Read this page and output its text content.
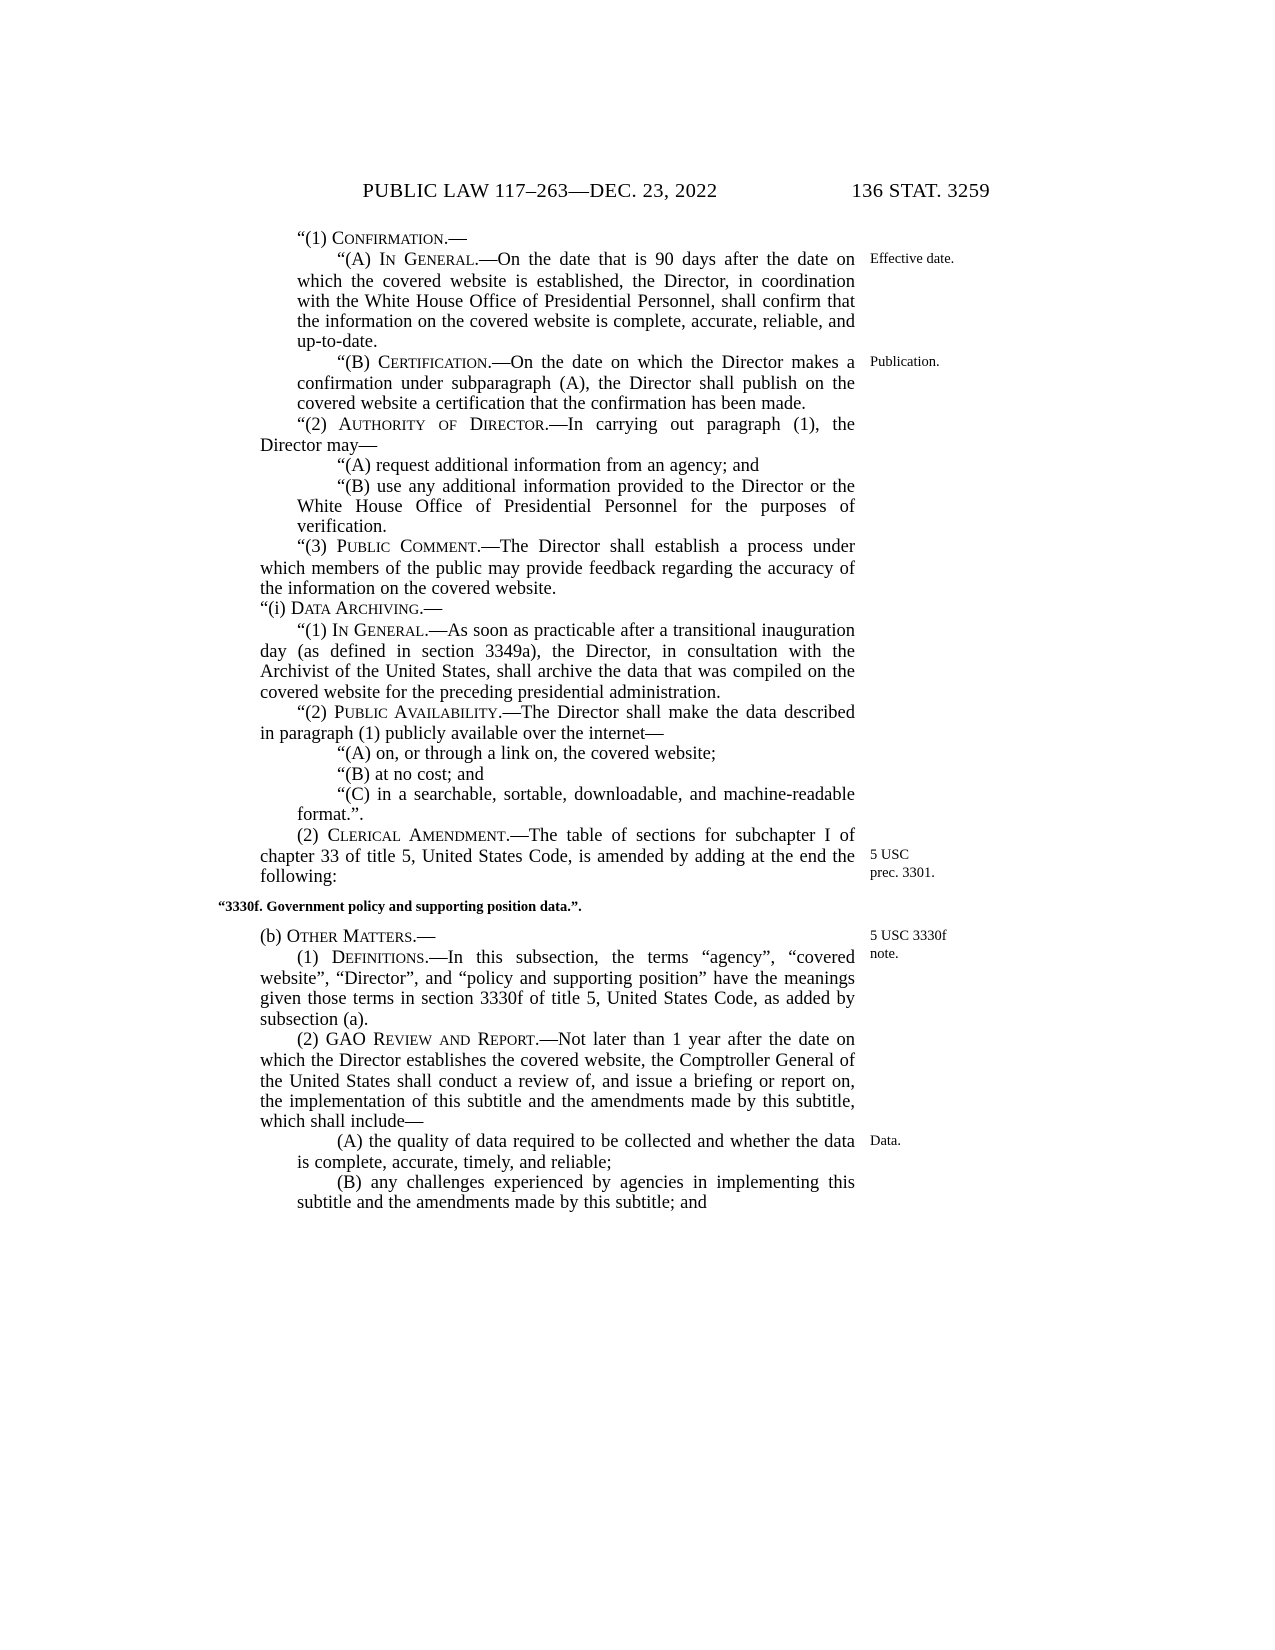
PUBLIC LAW 117–263—DEC. 23, 2022	136 STAT. 3259
“(1) CONFIRMATION.—
“(A) IN GENERAL.—On the date that is 90 days after the date on which the covered website is established, the Director, in coordination with the White House Office of Presidential Personnel, shall confirm that the information on the covered website is complete, accurate, reliable, and up-to-date.
Effective date.
“(B) CERTIFICATION.—On the date on which the Director makes a confirmation under subparagraph (A), the Director shall publish on the covered website a certification that the confirmation has been made.
Publication.
“(2) AUTHORITY OF DIRECTOR.—In carrying out paragraph (1), the Director may—
“(A) request additional information from an agency; and
“(B) use any additional information provided to the Director or the White House Office of Presidential Personnel for the purposes of verification.
“(3) PUBLIC COMMENT.—The Director shall establish a process under which members of the public may provide feedback regarding the accuracy of the information on the covered website.
“(i) DATA ARCHIVING.—
“(1) IN GENERAL.—As soon as practicable after a transitional inauguration day (as defined in section 3349a), the Director, in consultation with the Archivist of the United States, shall archive the data that was compiled on the covered website for the preceding presidential administration.
“(2) PUBLIC AVAILABILITY.—The Director shall make the data described in paragraph (1) publicly available over the internet—
“(A) on, or through a link on, the covered website;
“(B) at no cost; and
“(C) in a searchable, sortable, downloadable, and machine-readable format.”.
(2) CLERICAL AMENDMENT.—The table of sections for subchapter I of chapter 33 of title 5, United States Code, is amended by adding at the end the following:
5 USC
prec. 3301.
“3330f. Government policy and supporting position data.”.
(b) OTHER MATTERS.—	5 USC 3330f
note.
(1) DEFINITIONS.—In this subsection, the terms “agency”, “covered website”, “Director”, and “policy and supporting position” have the meanings given those terms in section 3330f of title 5, United States Code, as added by subsection (a).
(2) GAO REVIEW AND REPORT.—Not later than 1 year after the date on which the Director establishes the covered website, the Comptroller General of the United States shall conduct a review of, and issue a briefing or report on, the implementation of this subtitle and the amendments made by this subtitle, which shall include—
(A) the quality of data required to be collected and whether the data is complete, accurate, timely, and reliable;
Data.
(B) any challenges experienced by agencies in implementing this subtitle and the amendments made by this subtitle; and
